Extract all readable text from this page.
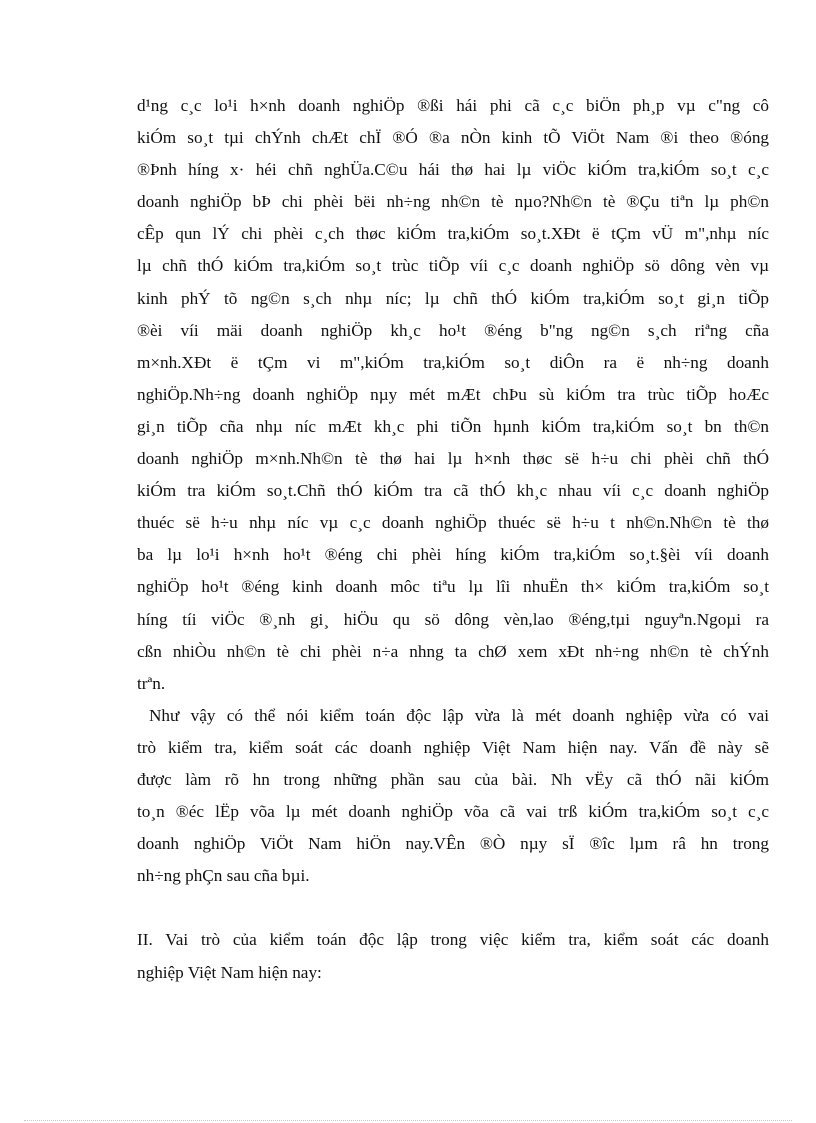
d¹ng c¸c lo¹i h×nh doanh nghiÖp ®ßi hái phi cã c¸c biÖn ph¸p vµ c"ng cô
kiÓm so¸t tµi chÝnh chÆt chÏ ®Ó ®a nÒn kinh tÕ ViÖt Nam ®i theo ®óng
®Þnh híng x· héi chñ nghÜa.C©u hái thø hai lµ viÖc kiÓm tra,kiÓm so¸t c¸c
doanh nghiÖp bÞ chi phèi bëi nh÷ng nh©n tè nµo?Nh©n tè ®Çu tiªn lµ ph©n
cÊp qun lÝ chi phèi c¸ch thøc kiÓm tra,kiÓm so¸t.XÐt ë tÇm vÜ m",nhµ níc
lµ chñ thÓ kiÓm tra,kiÓm so¸t trùc tiÕp víi c¸c doanh nghiÖp sö dông vèn vµ
kinh phÝ tõ ng©n s¸ch nhµ níc; lµ chñ thÓ kiÓm tra,kiÓm so¸t gi¸n tiÕp
®èi víi mäi doanh nghiÖp kh¸c ho¹t ®éng b"ng ng©n s¸ch riªng cña
m×nh.XÐt ë tÇm vi m",kiÓm tra,kiÓm so¸t diÔn ra ë nh÷ng doanh
nghiÖp.Nh÷ng doanh nghiÖp nµy mét mÆt chÞu sù kiÓm tra trùc tiÕp hoÆc
gi¸n tiÕp cña nhµ níc mÆt kh¸c phi tiÕn hµnh kiÓm tra,kiÓm so¸t bn th©n
doanh nghiÖp m×nh.Nh©n tè thø hai lµ h×nh thøc së h÷u chi phèi chñ thÓ
kiÓm tra kiÓm so¸t.Chñ thÓ kiÓm tra cã thÓ kh¸c nhau víi c¸c doanh nghiÖp
thuéc së h÷u nhµ níc vµ c¸c doanh nghiÖp thuéc së h÷u t nh©n.Nh©n tè thø
ba lµ lo¹i h×nh ho¹t ®éng chi phèi híng kiÓm tra,kiÓm so¸t.§èi víi doanh
nghiÖp ho¹t ®éng kinh doanh môc tiªu lµ lîi nhuËn th× kiÓm tra,kiÓm so¸t
híng tíi viÖc ®¸nh gi¸ hiÖu qu sö dông vèn,lao ®éng,tµi nguyªn.Ngoµi ra
cßn nhiÒu nh©n tè chi phèi n÷a nhng ta chØ xem xÐt nh÷ng nh©n tè chÝnh
trªn.
Như vậy có thể nói kiểm toán độc lập vừa là mét doanh nghiệp vừa có vai
trò kiểm tra, kiểm soát các doanh nghiệp Việt Nam hiện nay. Vấn đề này sẽ
được làm rõ hn trong những phần sau của bài. Nh vËy cã thÓ nãi kiÓm
to¸n ®éc lËp võa lµ mét doanh nghiÖp võa cã vai trß kiÓm tra,kiÓm so¸t c¸c
doanh nghiÖp ViÖt Nam hiÖn nay.VÊn ®Ò nµy sÏ ®îc lµm râ hn trong
nh÷ng phÇn sau cña bµi.
II. Vai trò của kiểm toán độc lập trong việc kiểm tra, kiểm soát các doanh
nghiệp Việt Nam hiện nay:
